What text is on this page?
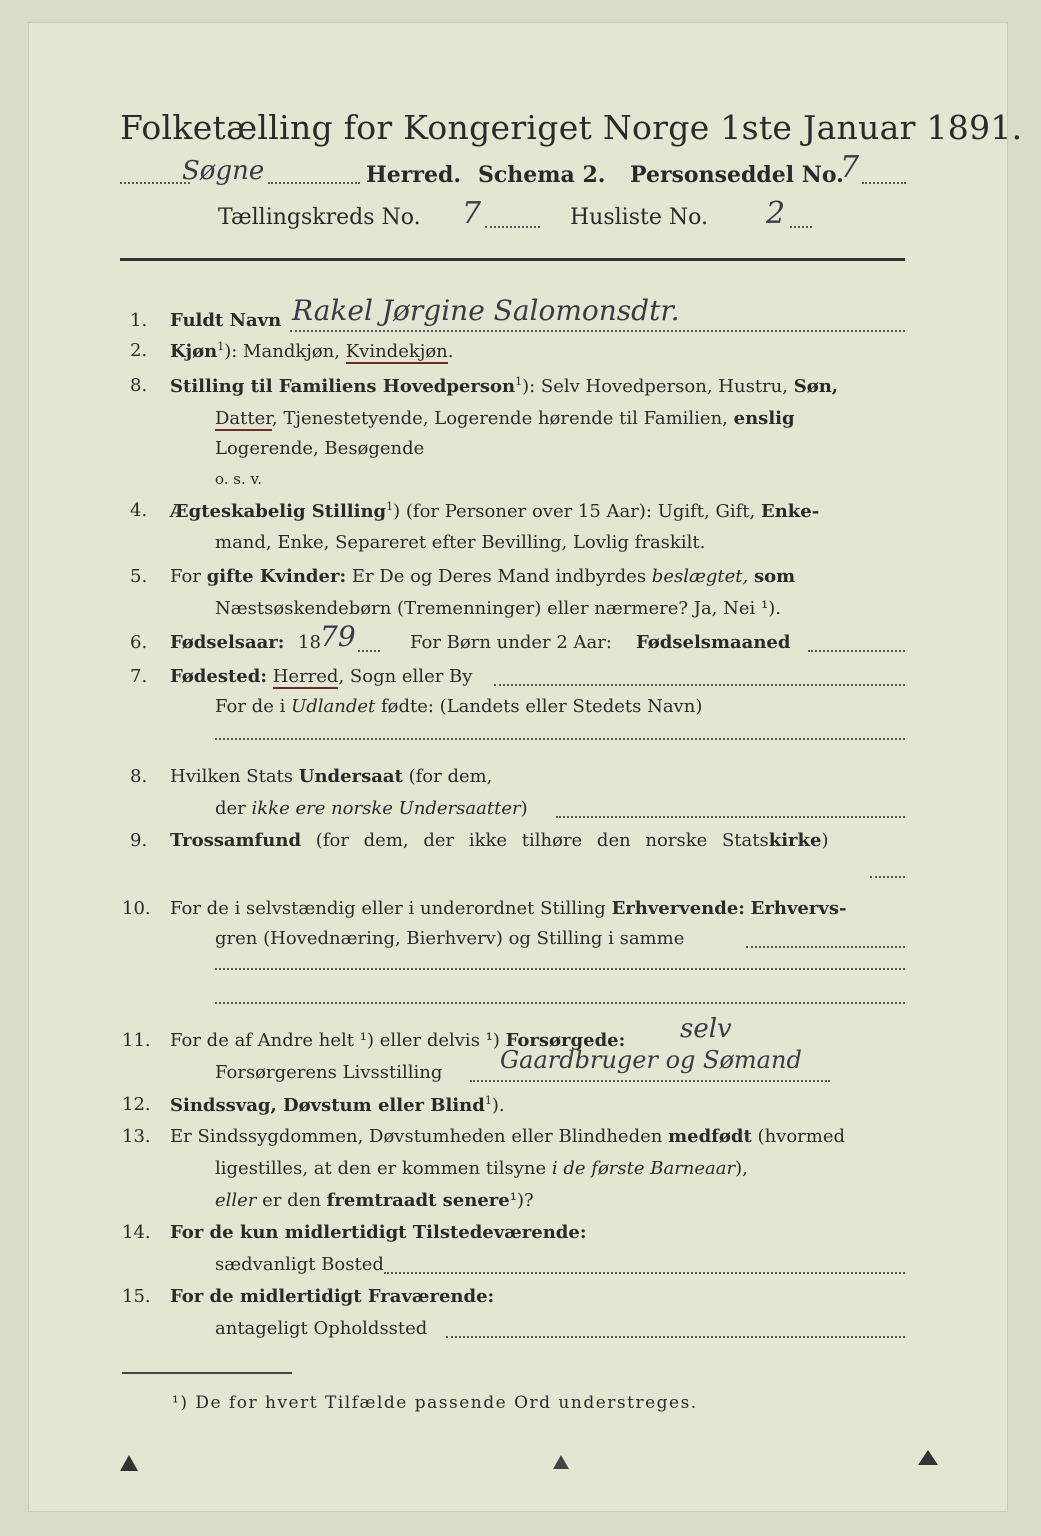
Folketælling for Kongeriget Norge 1ste Januar 1891.
Søgne	Herred. Schema 2. Personseddel No.
7
Tællingskreds No. 7	Husliste No. 2
1. Fuldt Navn Rakel Jørgine Salomonsdtr.
2. Kjøn$^1$): Mandkjøn, Kvindekjøn.
8. Stilling til Familiens Hovedperson$^1$): Selv Hovedperson, Hustru, Søn,
Datter, Tjenestetyende, Logerende hørende til Familien, enslig
Logerende, Besøgende
o. s. v.
4. Ægteskabelig Stilling$^1$) (for Personer over 15 Aar): Ugift, Gift, Enke-
mand, Enke, Separeret efter Bevilling, Lovlig fraskilt.
5. For gifte Kvinder: Er De og Deres Mand indbyrdes beslægtet, som
Næstsøskendebørn (Tremenninger) eller nærmere? Ja, Nei ¹).
6. Fødselsaar: 18 79	For Børn under 2 Aar: Fødselsmaaned
7. Fødested: Herred, Sogn eller By
For de i Udlandet fødte: (Landets eller Stedets Navn)
8. Hvilken Stats Undersaat (for dem,
der ikke ere norske Undersaatter)
9. Trossamfund (for dem, der ikke tilhøre den norske Statskirke)
10. For de i selvstændig eller i underordnet Stilling Erhvervende: Erhvervs-
gren (Hovednæring, Bierhverv) og Stilling i samme
11. For de af Andre helt ¹) eller delvis ¹) Forsørgede: selv
Forsørgerens Livsstilling Gaardbruger og Sømand
12. Sindssvag, Døvstum eller Blind$^1$).
13. Er Sindssygdommen, Døvstumheden eller Blindheden medfødt (hvormed
ligestilles, at den er kommen tilsyne i de første Barneaar),
eller er den fremtraadt senere¹)?
14. For de kun midlertidigt Tilstedeværende:
sædvanligt Bosted
15. For de midlertidigt Fraværende:
antageligt Opholdssted
¹) De for hvert Tilfælde passende Ord understreges.
